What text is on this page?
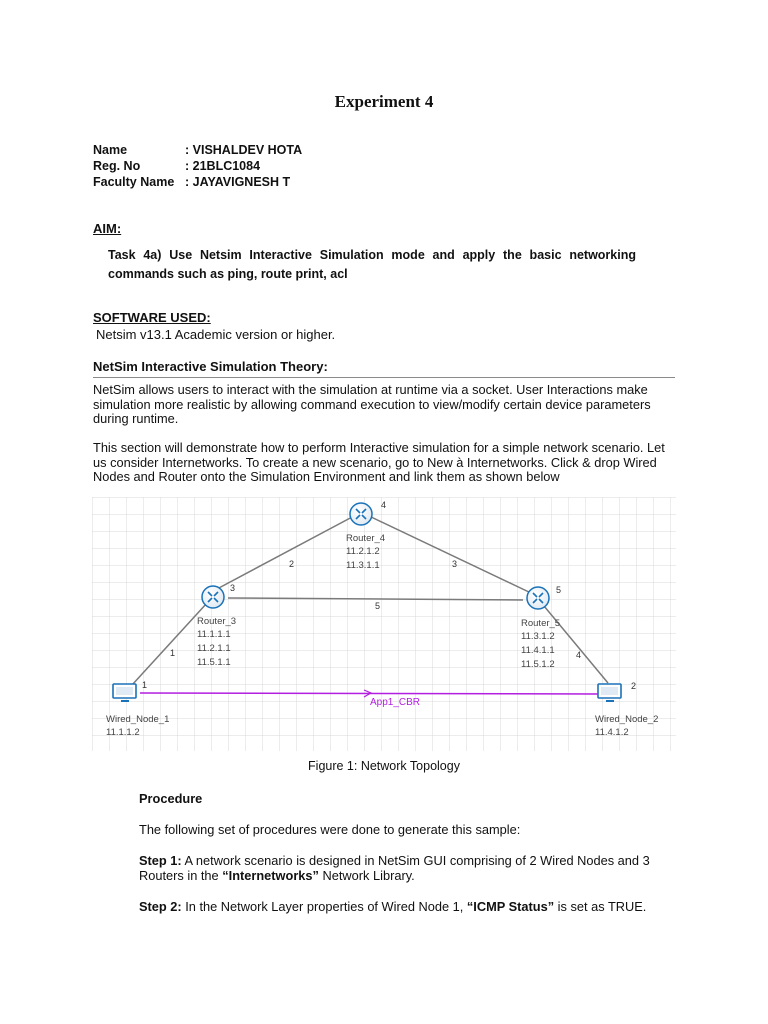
Experiment 4
Name	: VISHALDEV HOTA
Reg. No	: 21BLC1084
Faculty Name : JAYAVIGNESH T
AIM:
Task 4a) Use Netsim Interactive Simulation mode and apply the basic networking commands such as ping, route print, acl
SOFTWARE USED:
Netsim v13.1 Academic version or higher.
NetSim Interactive Simulation Theory:
NetSim allows users to interact with the simulation at runtime via a socket. User Interactions make simulation more realistic by allowing command execution to view/modify certain device parameters during runtime.
This section will demonstrate how to perform Interactive simulation for a simple network scenario. Let us consider Internetworks. To create a new scenario, go to New à Internetworks. Click & drop Wired Nodes and Router onto the Simulation Environment and link them as shown below
App1_CBR
1
2	3
4
5
4
Router_4
11.2.1.2
11.3.1.1
3
Router_3
11.1.1.1
11.2.1.1
11.5.1.1
5
Router_5
11.3.1.2
11.4.1.1
11.5.1.2
1
Wired_Node_1
11.1.1.2
2
Wired_Node_2
11.4.1.2
Figure 1: Network Topology
Procedure
The following set of procedures were done to generate this sample:
Step 1: A network scenario is designed in NetSim GUI comprising of 2 Wired Nodes and 3 Routers in the “Internetworks” Network Library.
Step 2: In the Network Layer properties of Wired Node 1, “ICMP Status” is set as TRUE.
